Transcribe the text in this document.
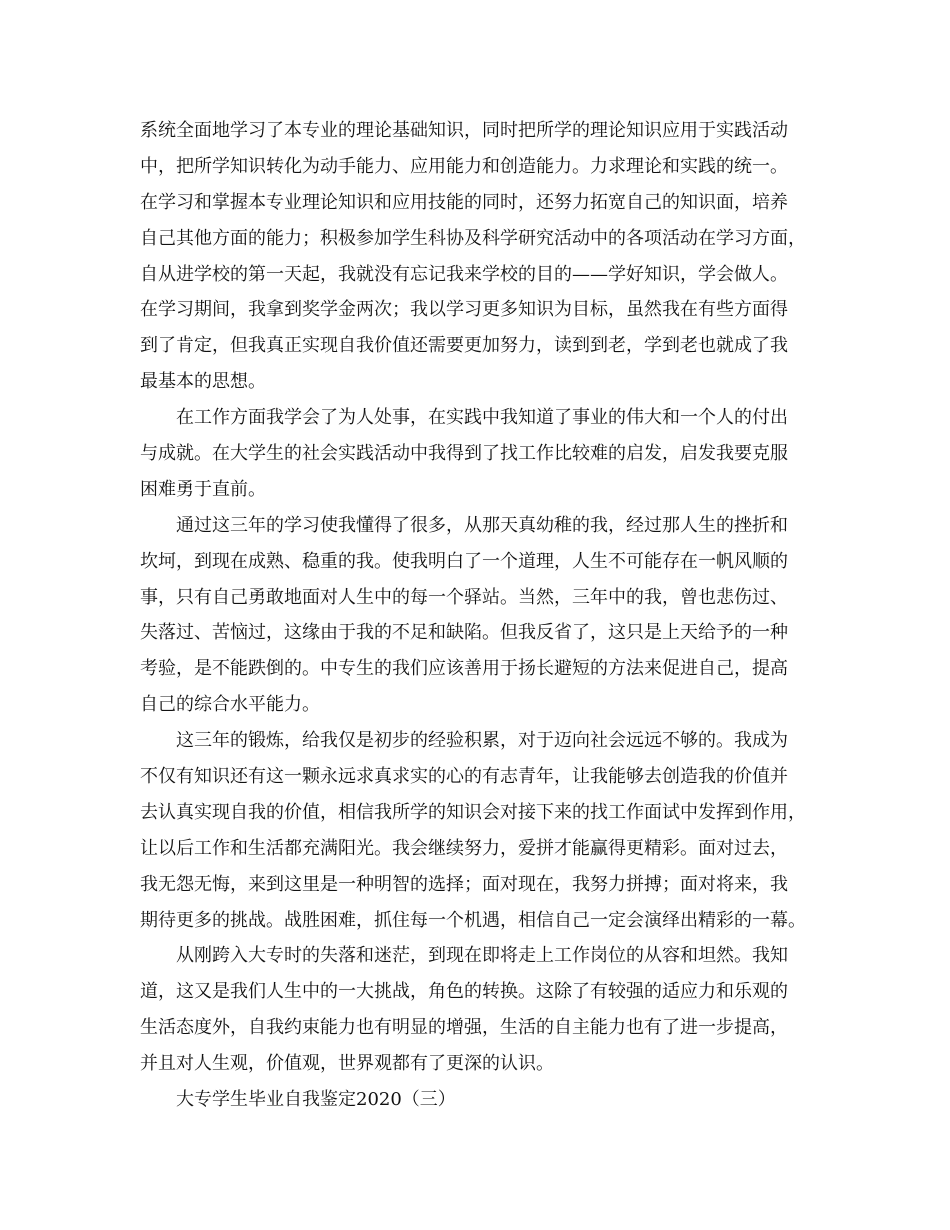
系统全面地学习了本专业的理论基础知识，同时把所学的理论知识应用于实践活动

中，把所学知识转化为动手能力、应用能力和创造能力。力求理论和实践的统一。

在学习和掌握本专业理论知识和应用技能的同时，还努力拓宽自己的知识面，培养

自己其他方面的能力；积极参加学生科协及科学研究活动中的各项活动在学习方面，

自从进学校的第一天起，我就没有忘记我来学校的目的——学好知识，学会做人。

在学习期间，我拿到奖学金两次；我以学习更多知识为目标，虽然我在有些方面得

到了肯定，但我真正实现自我价值还需要更加努力，读到到老，学到老也就成了我

最基本的思想。

在工作方面我学会了为人处事，在实践中我知道了事业的伟大和一个人的付出

与成就。在大学生的社会实践活动中我得到了找工作比较难的启发，启发我要克服

困难勇于直前。

通过这三年的学习使我懂得了很多，从那天真幼稚的我，经过那人生的挫折和

坎坷，到现在成熟、稳重的我。使我明白了一个道理，人生不可能存在一帆风顺的

事，只有自己勇敢地面对人生中的每一个驿站。当然，三年中的我，曾也悲伤过、

失落过、苦恼过，这缘由于我的不足和缺陷。但我反省了，这只是上天给予的一种

考验，是不能跌倒的。中专生的我们应该善用于扬长避短的方法来促进自己，提高

自己的综合水平能力。

这三年的锻炼，给我仅是初步的经验积累，对于迈向社会远远不够的。我成为

不仅有知识还有这一颗永远求真求实的心的有志青年，让我能够去创造我的价值并

去认真实现自我的价值，相信我所学的知识会对接下来的找工作面试中发挥到作用，

让以后工作和生活都充满阳光。我会继续努力，爱拼才能赢得更精彩。面对过去，

我无怨无悔，来到这里是一种明智的选择；面对现在，我努力拼搏；面对将来，我

期待更多的挑战。战胜困难，抓住每一个机遇，相信自己一定会演绎出精彩的一幕。

从刚跨入大专时的失落和迷茫，到现在即将走上工作岗位的从容和坦然。我知

道，这又是我们人生中的一大挑战，角色的转换。这除了有较强的适应力和乐观的

生活态度外，自我约束能力也有明显的增强，生活的自主能力也有了进一步提高，

并且对人生观，价值观，世界观都有了更深的认识。

大专学生毕业自我鉴定2020（三）
